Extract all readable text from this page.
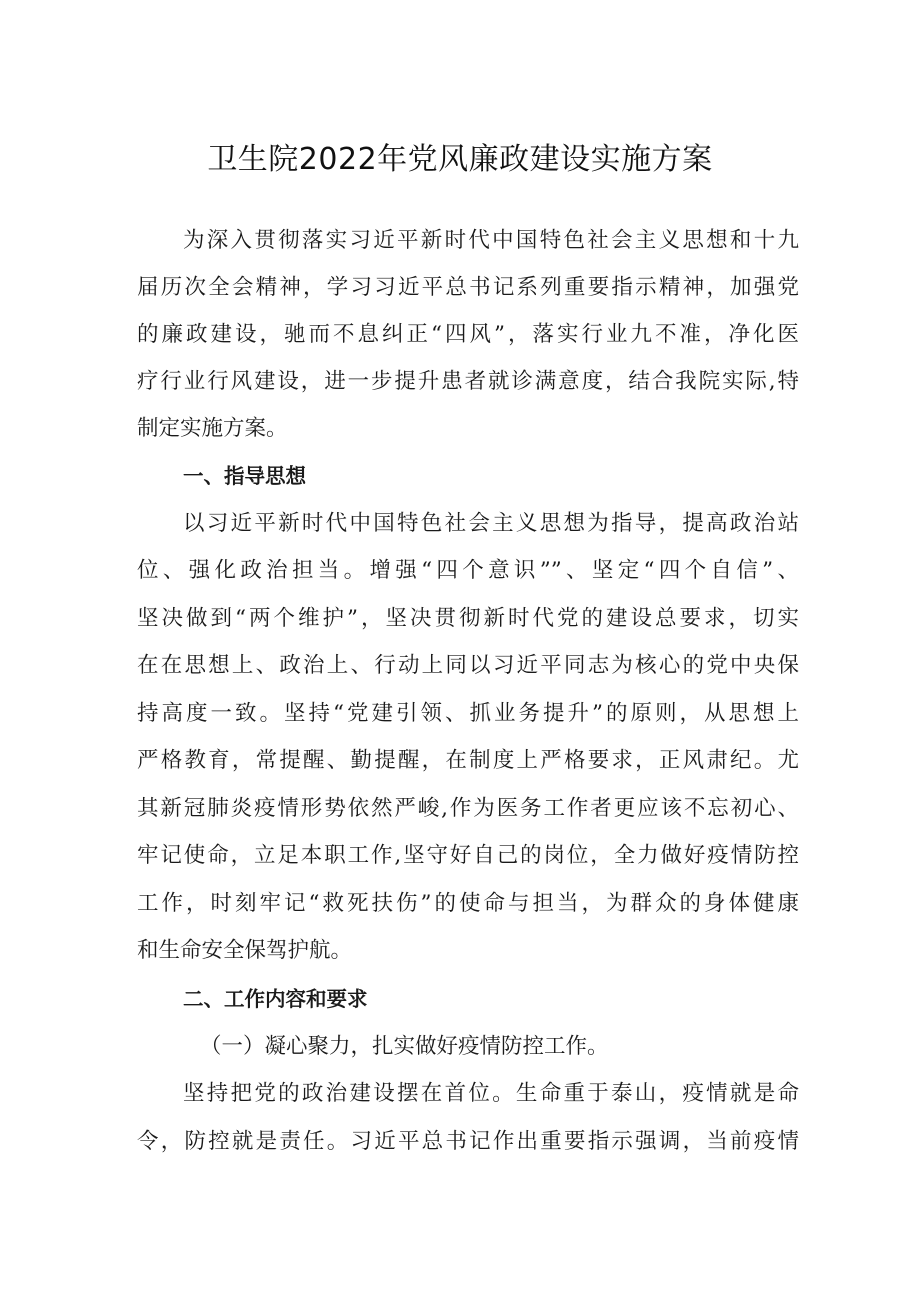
卫生院2022年党风廉政建设实施方案
为深入贯彻落实习近平新时代中国特色社会主义思想和十九
届历次全会精神，学习习近平总书记系列重要指示精神，加强党
的廉政建设，驰而不息纠正“四风”，落实行业九不准，净化医
疗行业行风建设，进一步提升患者就诊满意度，结合我院实际,特
制定实施方案。
一、指导思想
以习近平新时代中国特色社会主义思想为指导，提高政治站
位、强化政治担当。增强“四个意识””、坚定“四个自信”、
坚决做到“两个维护”，坚决贯彻新时代党的建设总要求，切实
在在思想上、政治上、行动上同以习近平同志为核心的党中央保
持高度一致。坚持“党建引领、抓业务提升”的原则，从思想上
严格教育，常提醒、勤提醒，在制度上严格要求，正风肃纪。尤
其新冠肺炎疫情形势依然严峻,作为医务工作者更应该不忘初心、
牢记使命，立足本职工作,坚守好自己的岗位，全力做好疫情防控
工作，时刻牢记“救死扶伤”的使命与担当，为群众的身体健康
和生命安全保驾护航。
二、工作内容和要求
（一）凝心聚力，扎实做好疫情防控工作。
坚持把党的政治建设摆在首位。生命重于泰山，疫情就是命
令，防控就是责任。习近平总书记作出重要指示强调，当前疫情
